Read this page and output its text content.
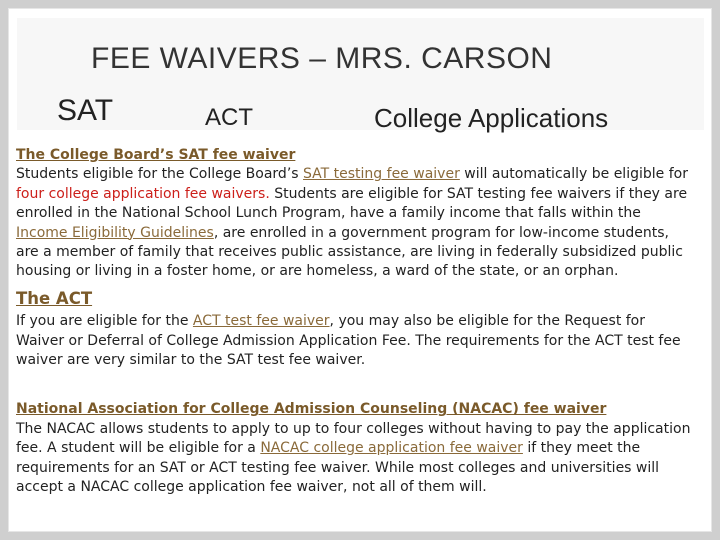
FEE WAIVERS – MRS. CARSON
SAT	ACT	College Applications

The College Board’s SAT fee waiver
Students eligible for the College Board’s SAT testing fee waiver will automatically be eligible for four college application fee waivers. Students are eligible for SAT testing fee waivers if they are enrolled in the National School Lunch Program, have a family income that falls within the Income Eligibility Guidelines, are enrolled in a government program for low-income students, are a member of family that receives public assistance, are living in federally subsidized public housing or living in a foster home, or are homeless, a ward of the state, or an orphan.

The ACT

If you are eligible for the ACT test fee waiver, you may also be eligible for the Request for Waiver or Deferral of College Admission Application Fee. The requirements for the ACT test fee waiver are very similar to the SAT test fee waiver.

National Association for College Admission Counseling (NACAC) fee waiver
The NACAC allows students to apply to up to four colleges without having to pay the application fee. A student will be eligible for a NACAC college application fee waiver if they meet the requirements for an SAT or ACT testing fee waiver. While most colleges and universities will accept a NACAC college application fee waiver, not all of them will.
